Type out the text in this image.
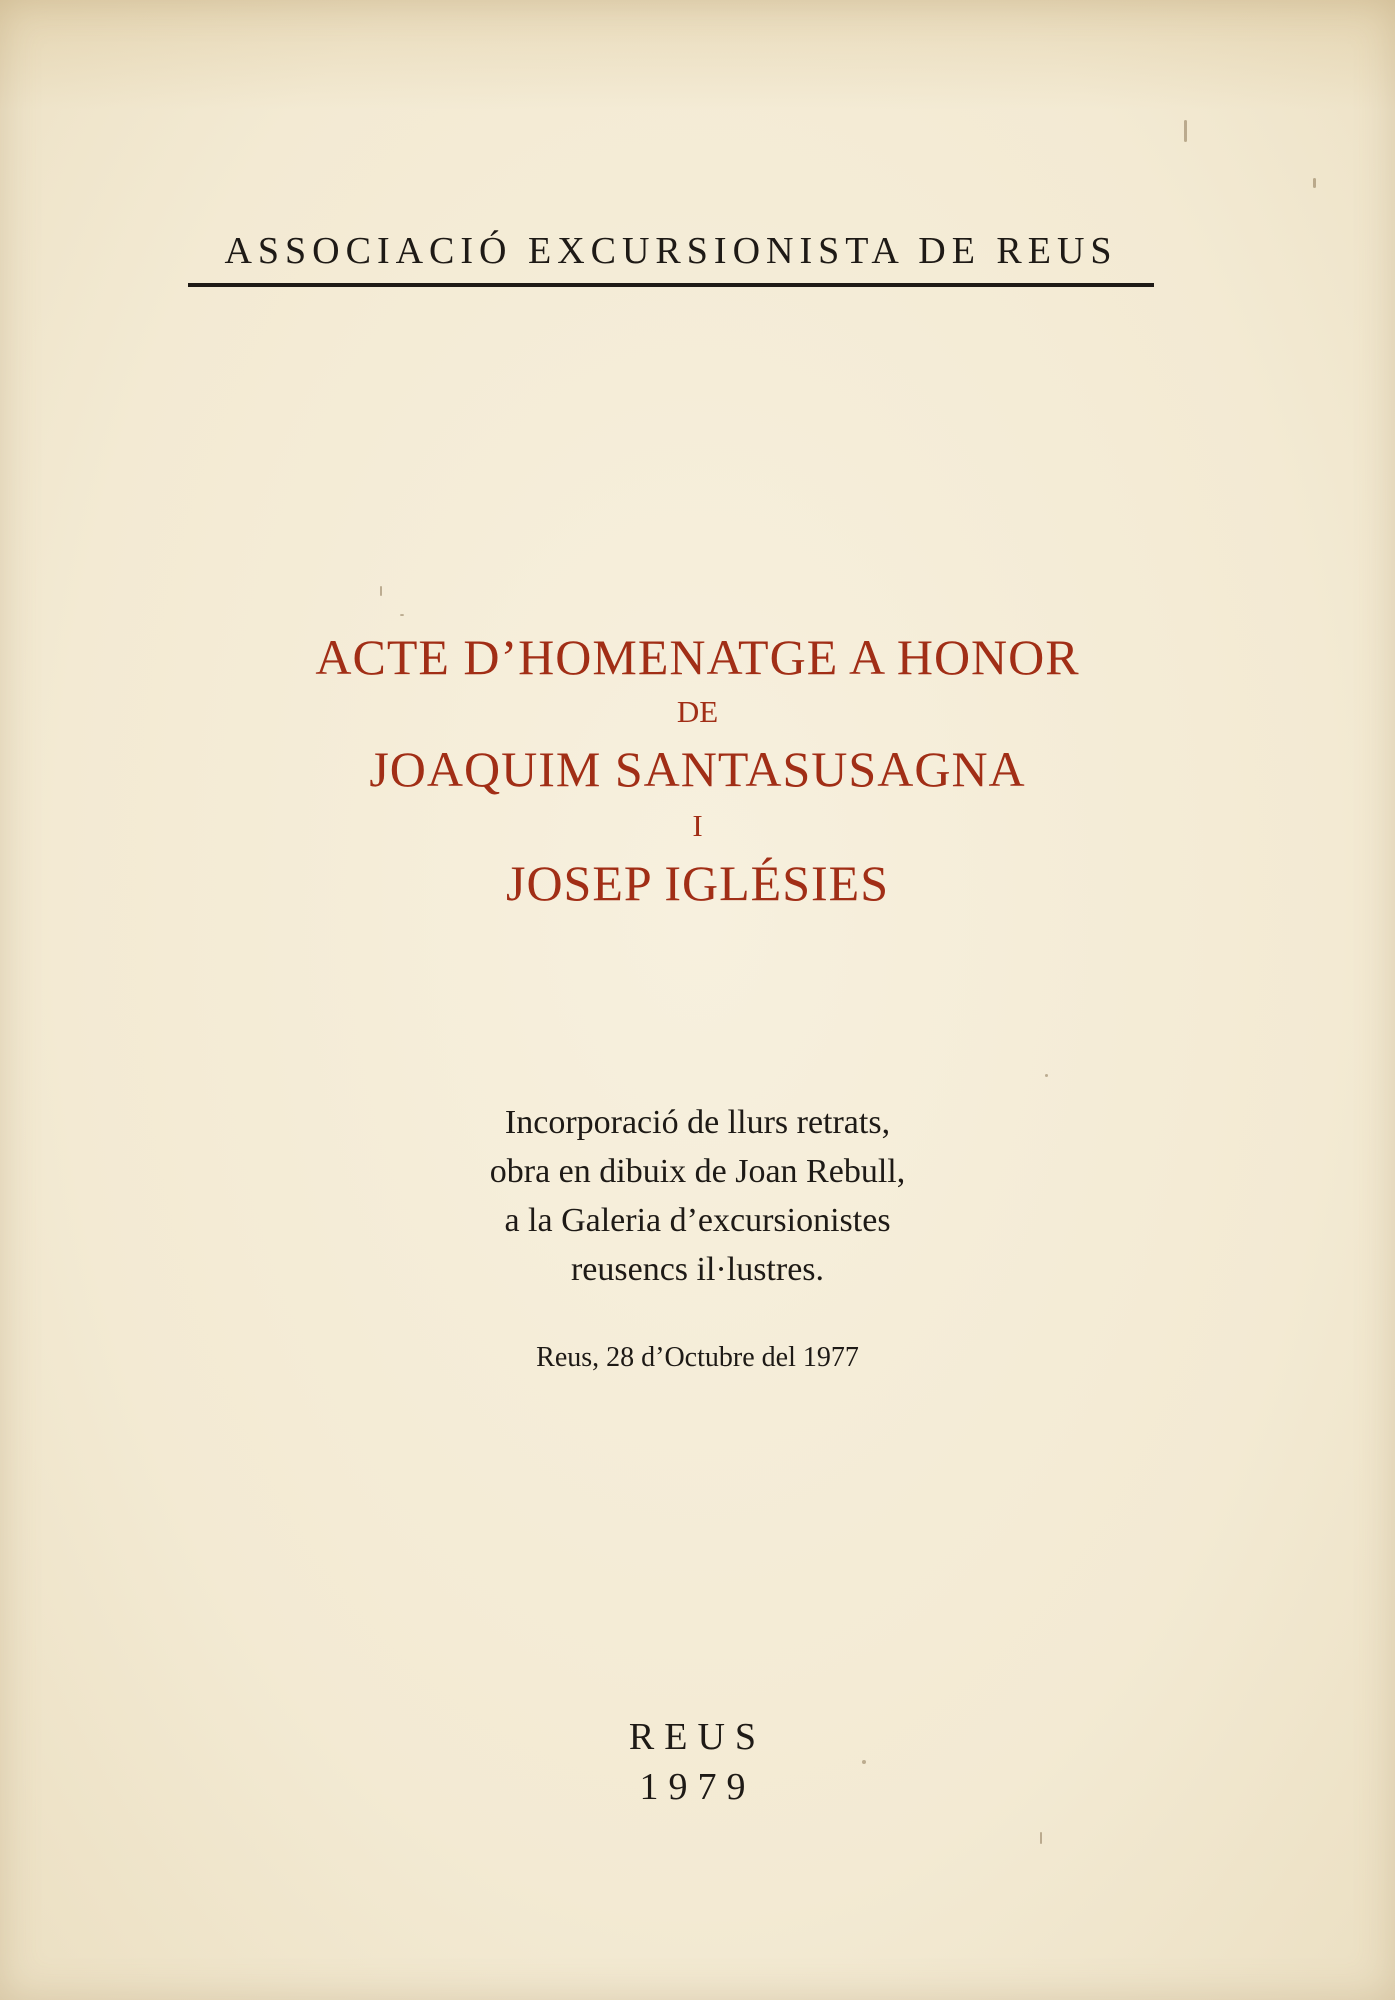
ASSOCIACIÓ EXCURSIONISTA DE REUS
ACTE D’HOMENATGE A HONOR
DE
JOAQUIM SANTASUSAGNA
I
JOSEP IGLÉSIES
Incorporació de llurs retrats,
obra en dibuix de Joan Rebull,
a la Galeria d’excursionistes
reusencs il·lustres.
Reus, 28 d’Octubre del 1977
REUS
1979
